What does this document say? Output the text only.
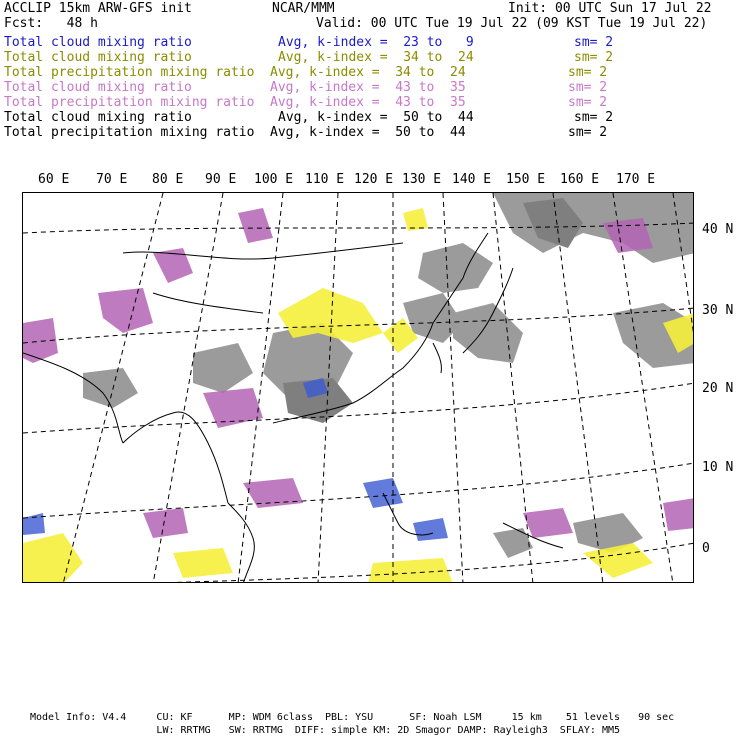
ACCLIP 15km ARW-GFS init	NCAR/MMM	Init: 00 UTC Sun 17 Jul 22
Fcst:   48 h	Valid: 00 UTC Tue 19 Jul 22 (09 KST Tue 19 Jul 22)
Total cloud mixing ratio	Avg, k-index =  23 to   9	sm= 2
Total cloud mixing ratio	Avg, k-index =  34 to  24	sm= 2
Total precipitation mixing ratio Avg, k-index =  34 to  24	sm= 2
Total cloud mixing ratio	Avg, k-index =  43 to  35	sm= 2
Total precipitation mixing ratio Avg, k-index =  43 to  35	sm= 2
Total cloud mixing ratio	Avg, k-index =  50 to  44	sm= 2
Total precipitation mixing ratio Avg, k-index =  50 to  44	sm= 2
60 E 70 E 80 E 90 E 100 E 110 E 120 E 130 E 140 E 150 E 160 E 170 E
40 N
30 N
20 N
10 N
0
Model Info: V4.4     CU: KF      MP: WDM 6class  PBL: YSU      SF: Noah LSM     15 km    51 levels   90 sec
LW: RRTMG   SW: RRTMG  DIFF: simple KM: 2D Smagor DAMP: Rayleigh3  SFLAY: MM5
